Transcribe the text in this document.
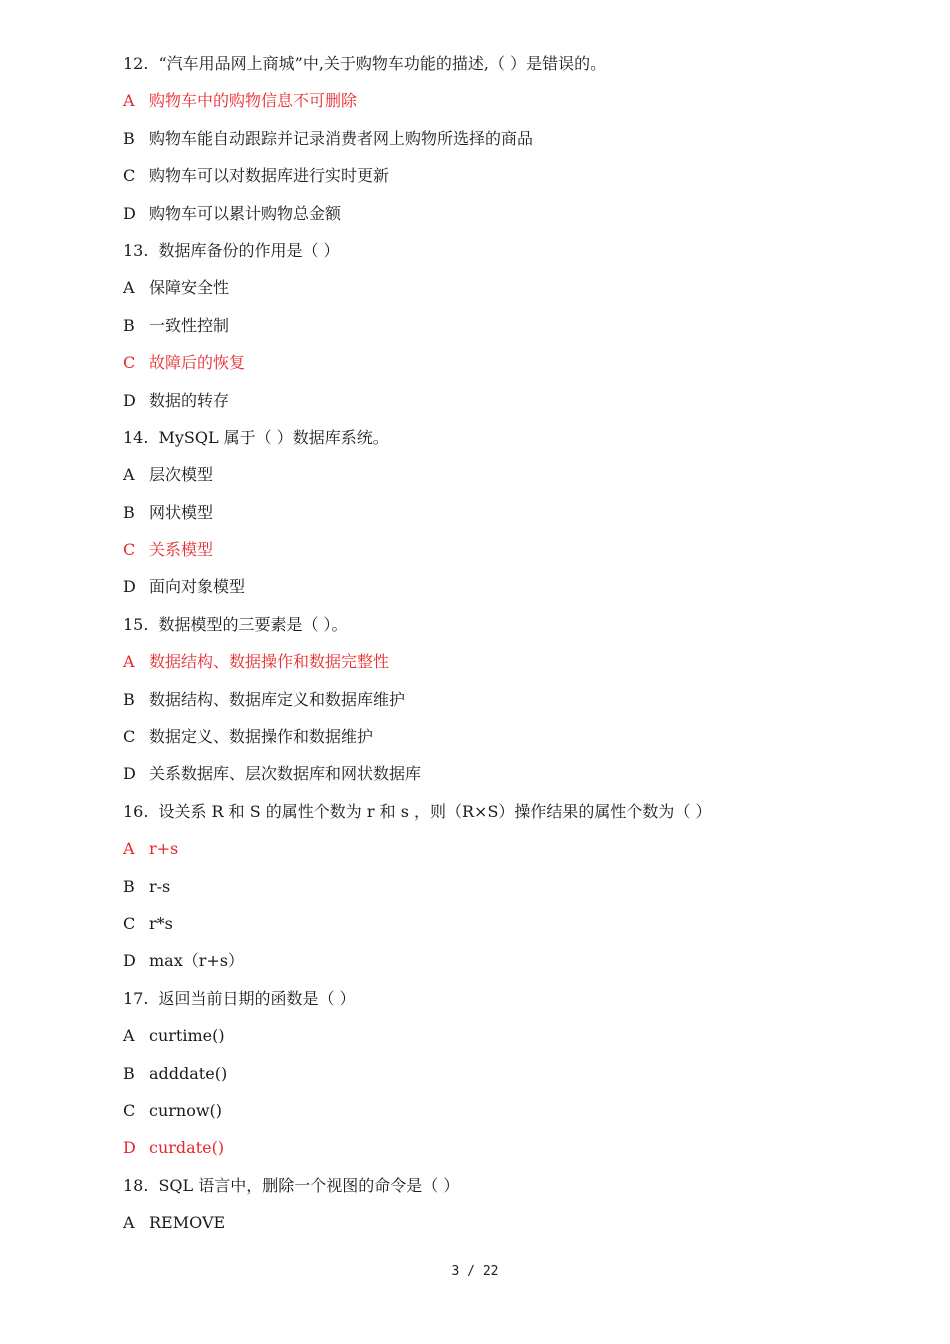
12. “汽车用品网上商城”中,关于购物车功能的描述,（ ）是错误的。
A 购物车中的购物信息不可删除
B 购物车能自动跟踪并记录消费者网上购物所选择的商品
C 购物车可以对数据库进行实时更新
D 购物车可以累计购物总金额
13. 数据库备份的作用是（ ）
A 保障安全性
B 一致性控制
C 故障后的恢复
D 数据的转存
14. MySQL 属于（ ）数据库系统。
A 层次模型
B 网状模型
C 关系模型
D 面向对象模型
15. 数据模型的三要素是（ ）。
A 数据结构、数据操作和数据完整性
B 数据结构、数据库定义和数据库维护
C 数据定义、数据操作和数据维护
D 关系数据库、层次数据库和网状数据库
16. 设关系 R 和 S 的属性个数为 r 和 s ，则（R×S）操作结果的属性个数为（ ）
A r+s
B r-s
C r*s
D max（r+s）
17. 返回当前日期的函数是（ ）
A curtime()
B adddate()
C curnow()
D curdate()
18. SQL 语言中，删除一个视图的命令是（ ）
A REMOVE
3 / 22
